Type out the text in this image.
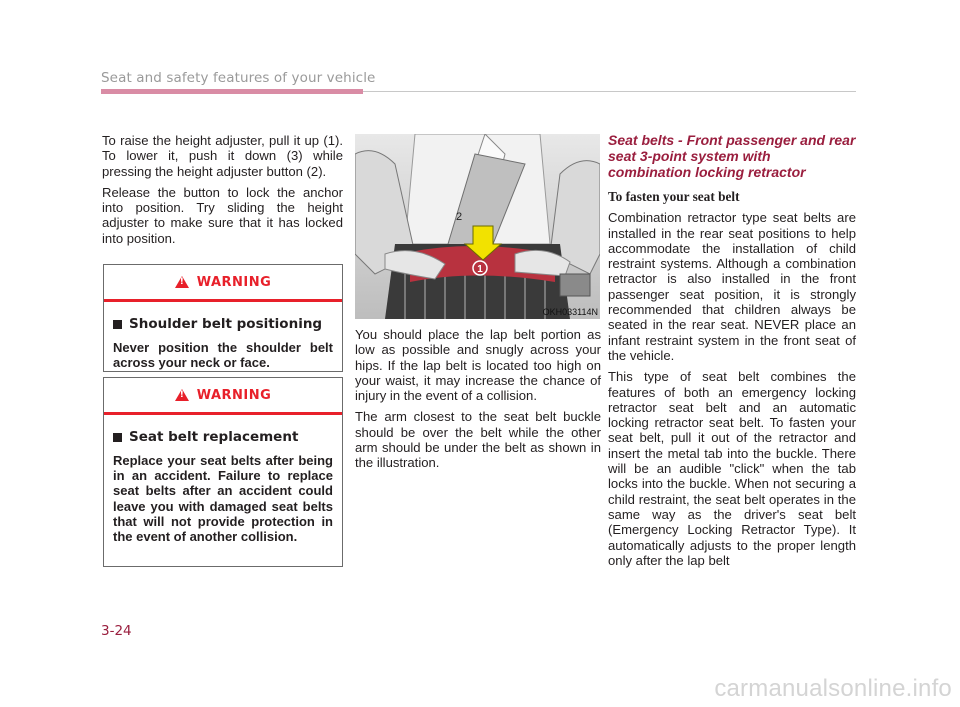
Seat and safety features of your vehicle

To raise the height adjuster, pull it up (1). To lower it, push it down (3) while pressing the height adjuster button (2).

Release the button to lock the anchor into position. Try sliding the height adjuster to make sure that it has locked into position.

!
WARNING
Shoulder belt positioning
Never position the shoulder belt across your neck or face.
!
WARNING
Seat belt replacement
Replace your seat belts after being in an accident. Failure to replace seat belts after an accident could leave you with damaged seat belts that will not provide protection in the event of another collision.
1
2
OKH033114N

You should place the lap belt portion as low as possible and snugly across your hips. If the lap belt is located too high on your waist, it may increase the chance of injury in the event of a collision.

The arm closest to the seat belt buckle should be over the belt while the other arm should be under the belt as shown in the illustration.

Seat belts - Front passenger and rear seat 3-point system with combination locking retractor
To fasten your seat belt

Combination retractor type seat belts are installed in the rear seat positions to help accommodate the installation of child restraint systems. Although a combination retractor is also installed in the front passenger seat position, it is strongly recommended that children always be seated in the rear seat. NEVER place an infant restraint system in the front seat of the vehicle.

This type of seat belt combines the features of both an emergency locking retractor seat belt and an automatic locking retractor seat belt. To fasten your seat belt, pull it out of the retractor and insert the metal tab into the buckle. There will be an audible "click" when the tab locks into the buckle. When not securing a child restraint, the seat belt operates in the same way as the driver's seat belt (Emergency Locking Retractor Type). It automatically adjusts to the proper length only after the lap belt

3-24
carmanualsonline.info
